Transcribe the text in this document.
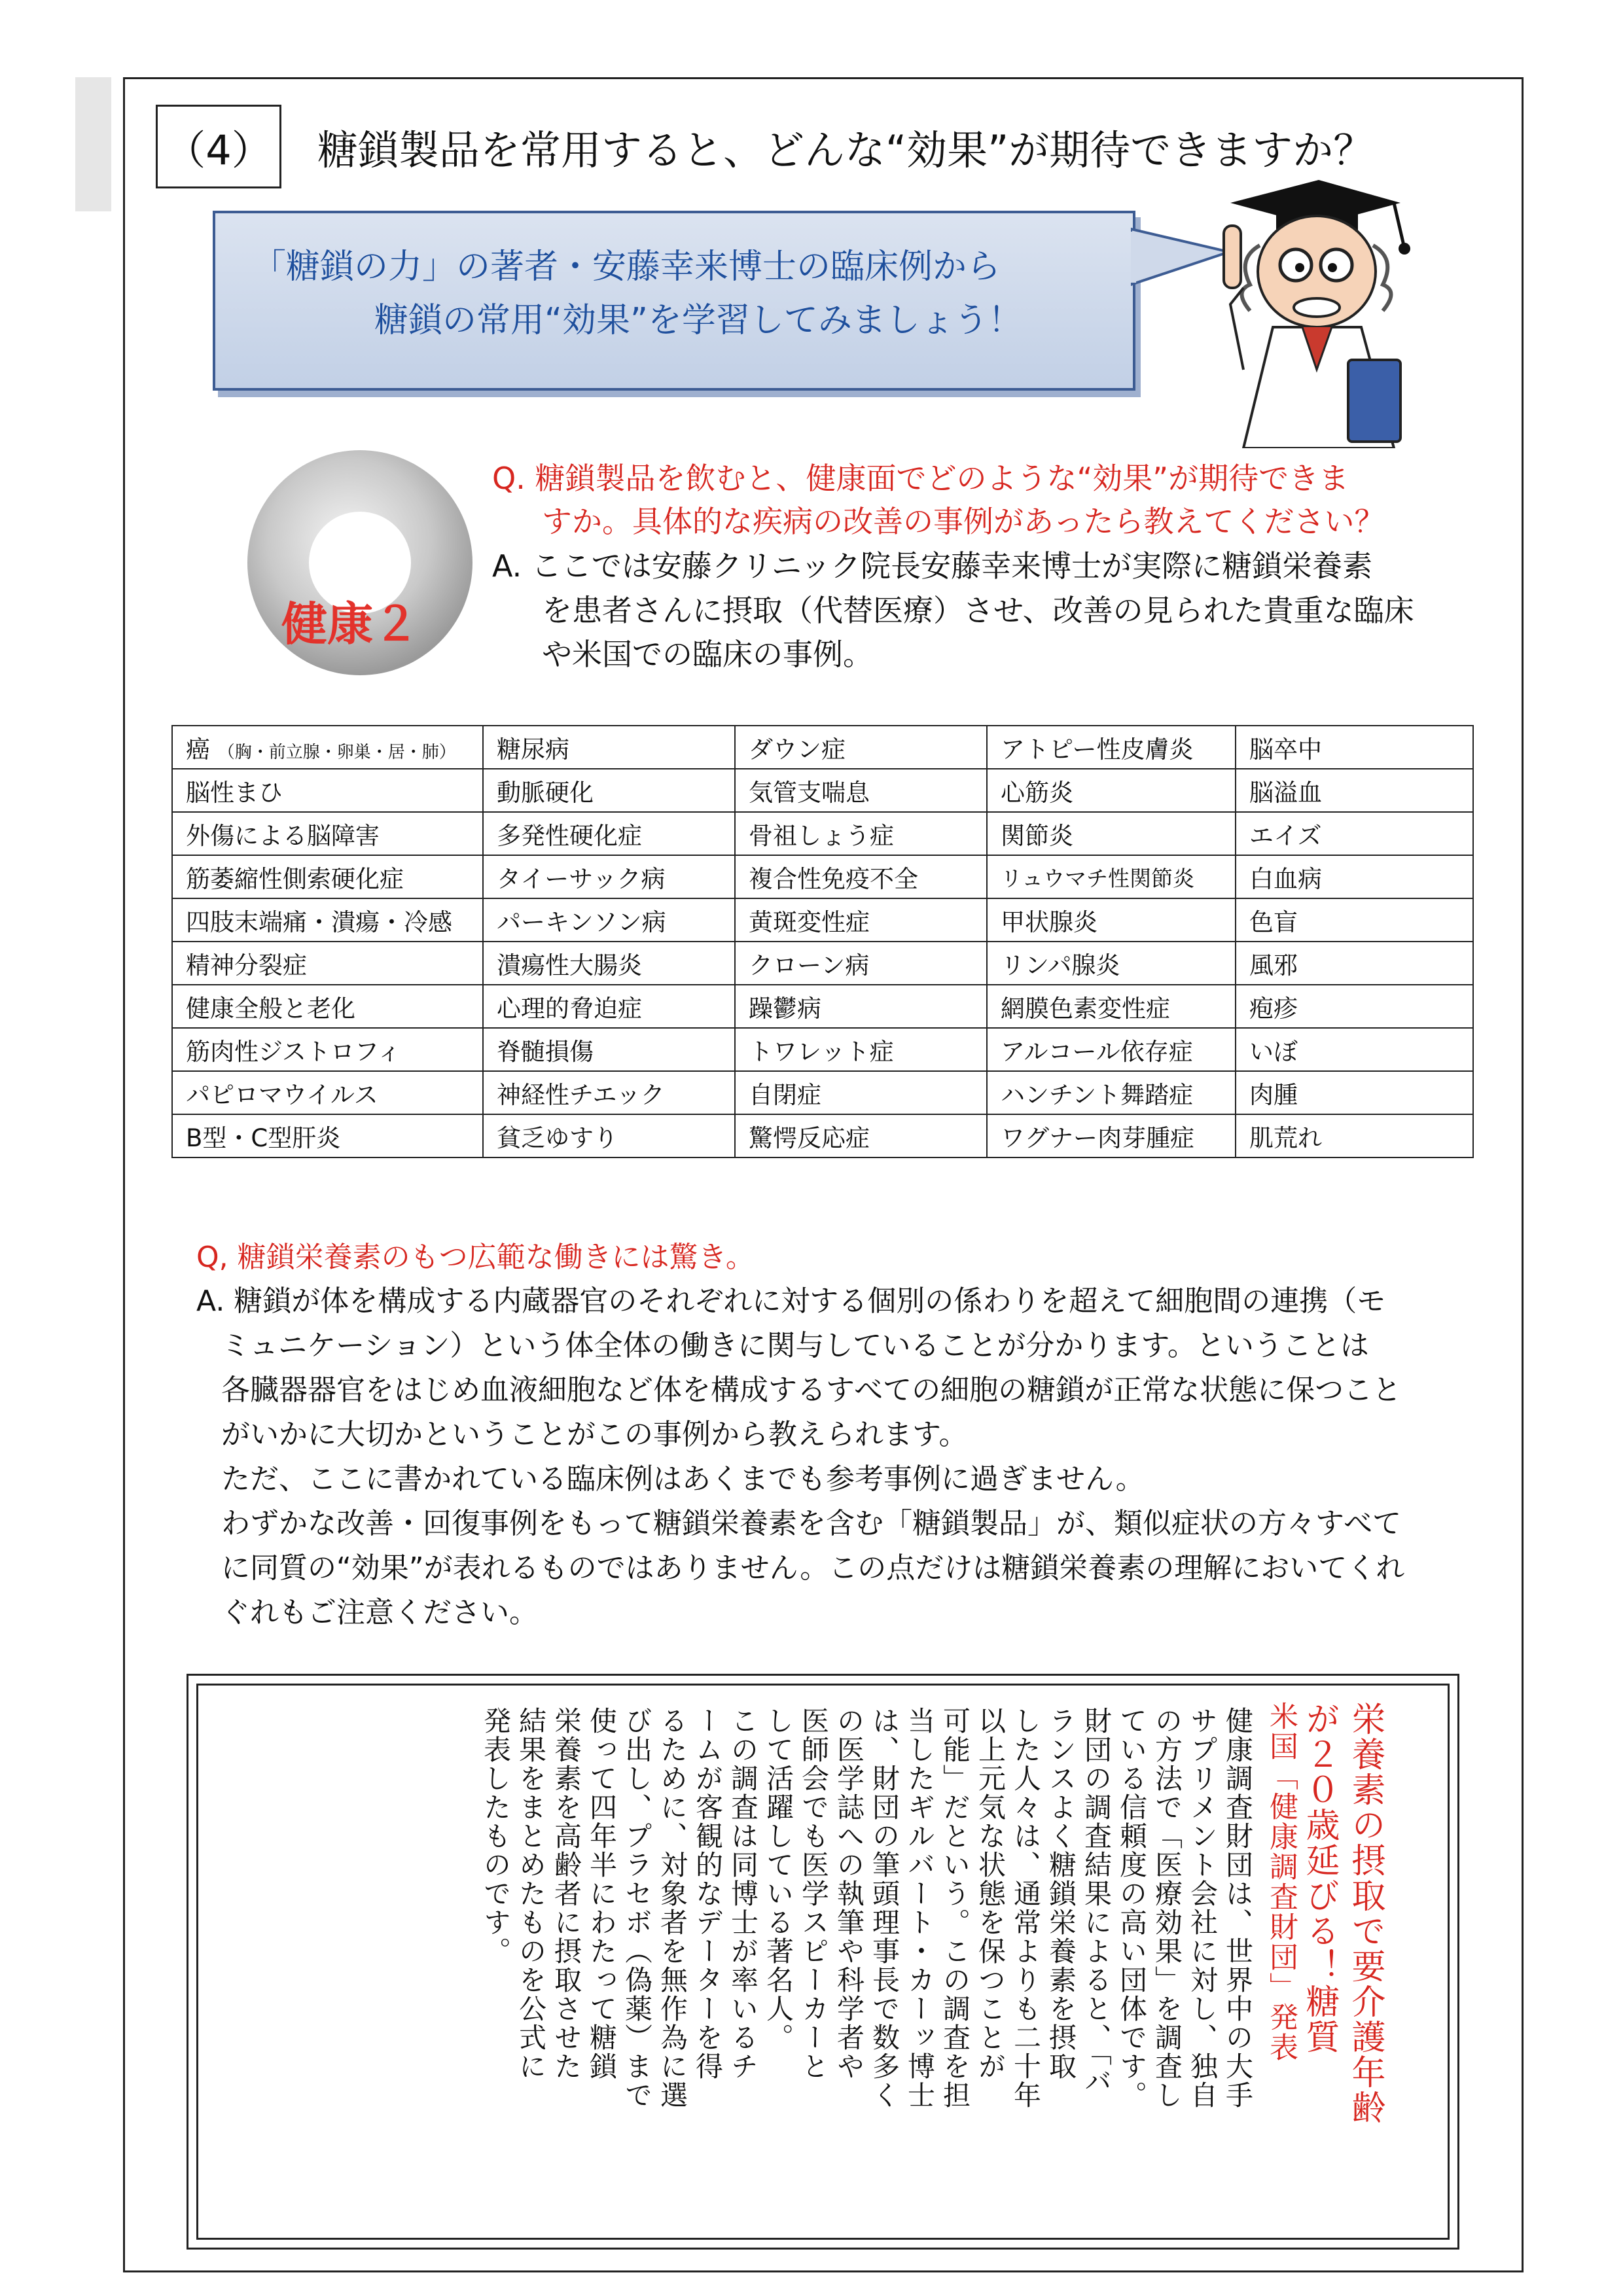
（4） 糖鎖製品を常用すると、どんな“効果”が期待できますか？
「糖鎖の力」の著者・安藤幸来博士の臨床例から
糖鎖の常用“効果”を学習してみましょう！
健康２
Q. 糖鎖製品を飲むと、健康面でどのような“効果”が期待できま
すか。具体的な疾病の改善の事例があったら教えてください？
A. ここでは安藤クリニック院長安藤幸来博士が実際に糖鎖栄養素
を患者さんに摂取（代替医療）させ、改善の見られた貴重な臨床
や米国での臨床の事例。
癌 （胸・前立腺・卵巣・居・肺）	糖尿病	ダウン症	アトピー性皮膚炎	脳卒中
脳性まひ	動脈硬化	気管支喘息	心筋炎	脳溢血
外傷による脳障害	多発性硬化症	骨祖しょう症	関節炎	エイズ
筋萎縮性側索硬化症	タイーサック病	複合性免疫不全	リュウマチ性関節炎	白血病
四肢末端痛・潰瘍・冷感	パーキンソン病	黄斑変性症	甲状腺炎	色盲
精神分裂症	潰瘍性大腸炎	クローン病	リンパ腺炎	風邪
健康全般と老化	心理的脅迫症	躁鬱病	網膜色素変性症	疱疹
筋肉性ジストロフィ	脊髄損傷	トワレット症	アルコール依存症	いぼ
パピロマウイルス	神経性チエック	自閉症	ハンチント舞踏症	肉腫
B型・C型肝炎	貧乏ゆすり	驚愕反応症	ワグナー肉芽腫症	肌荒れ
Q, 糖鎖栄養素のもつ広範な働きには驚き。
A. 糖鎖が体を構成する内蔵器官のそれぞれに対する個別の係わりを超えて細胞間の連携（モ
ミュニケーション）という体全体の働きに関与していることが分かります。ということは
各臓器器官をはじめ血液細胞など体を構成するすべての細胞の糖鎖が正常な状態に保つこと
がいかに大切かということがこの事例から教えられます。
ただ、ここに書かれている臨床例はあくまでも参考事例に過ぎません。
わずかな改善・回復事例をもって糖鎖栄養素を含む「糖鎖製品」が、類似症状の方々すべて
に同質の“効果”が表れるものではありません。この点だけは糖鎖栄養素の理解においてくれ
ぐれもご注意ください。
栄養素の摂取で要介護年齢
が２０歳延びる！糖質
米国「健康調査財団」発表
健康調査財団は、世界中の大手
サプリメント会社に対し、独自
の方法で「医療効果」を調査し
ている信頼度の高い団体です。
財団の調査結果によると、「バ
ランスよく糖鎖栄養素を摂取
した人々は、通常よりも二十年
以上元気な状態を保つことが
可能」だという。この調査を担
当したギルバート・カーッ博士
は、財団の筆頭理事長で数多く
の医学誌への執筆や科学者や
医師会でも医学スピーカーと
して活躍している著名人。
この調査は同博士が率いるチ
ームが客観的なデーターを得
るために、対象者を無作為に選
び出し、プラセボ（偽薬）まで
使って四年半にわたって糖鎖
栄養素を高齢者に摂取させた
結果をまとめたものを公式に
発表したものです。
